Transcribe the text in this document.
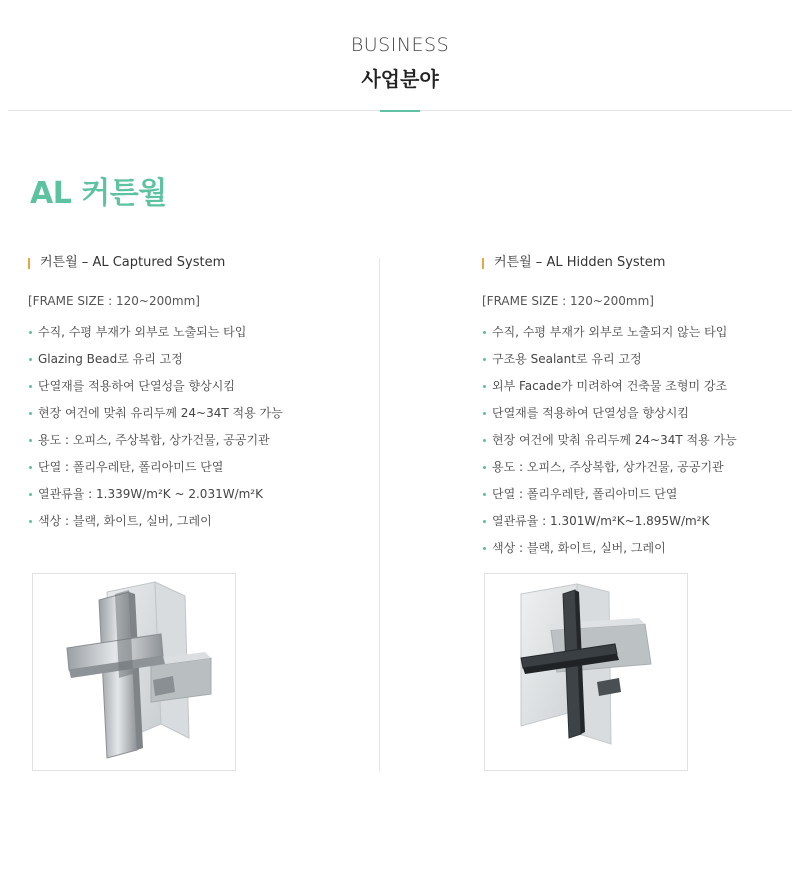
BUSINESS
사업분야
AL 커튼월
커튼월 – AL Captured System
[FRAME SIZE : 120~200mm]
수직, 수평 부재가 외부로 노출되는 타입
Glazing Bead로 유리 고정
단열재를 적용하여 단열성을 향상시킴
현장 여건에 맞춰 유리두께 24~34T 적용 가능
용도 : 오피스, 주상복합, 상가건물, 공공기관
단열 : 폴리우레탄, 폴리아미드 단열
열관류율 : 1.339W/m²K ~ 2.031W/m²K
색상 : 블랙, 화이트, 실버, 그레이
커튼월 – AL Hidden System
[FRAME SIZE : 120~200mm]
수직, 수평 부재가 외부로 노출되지 않는 타입
구조용 Sealant로 유리 고정
외부 Facade가 미려하여 건축물 조형미 강조
단열재를 적용하여 단열성을 향상시킴
현장 여건에 맞춰 유리두께 24~34T 적용 가능
용도 : 오피스, 주상복합, 상가건물, 공공기관
단열 : 폴리우레탄, 폴리아미드 단열
열관류율 : 1.301W/m²K~1.895W/m²K
색상 : 블랙, 화이트, 실버, 그레이
